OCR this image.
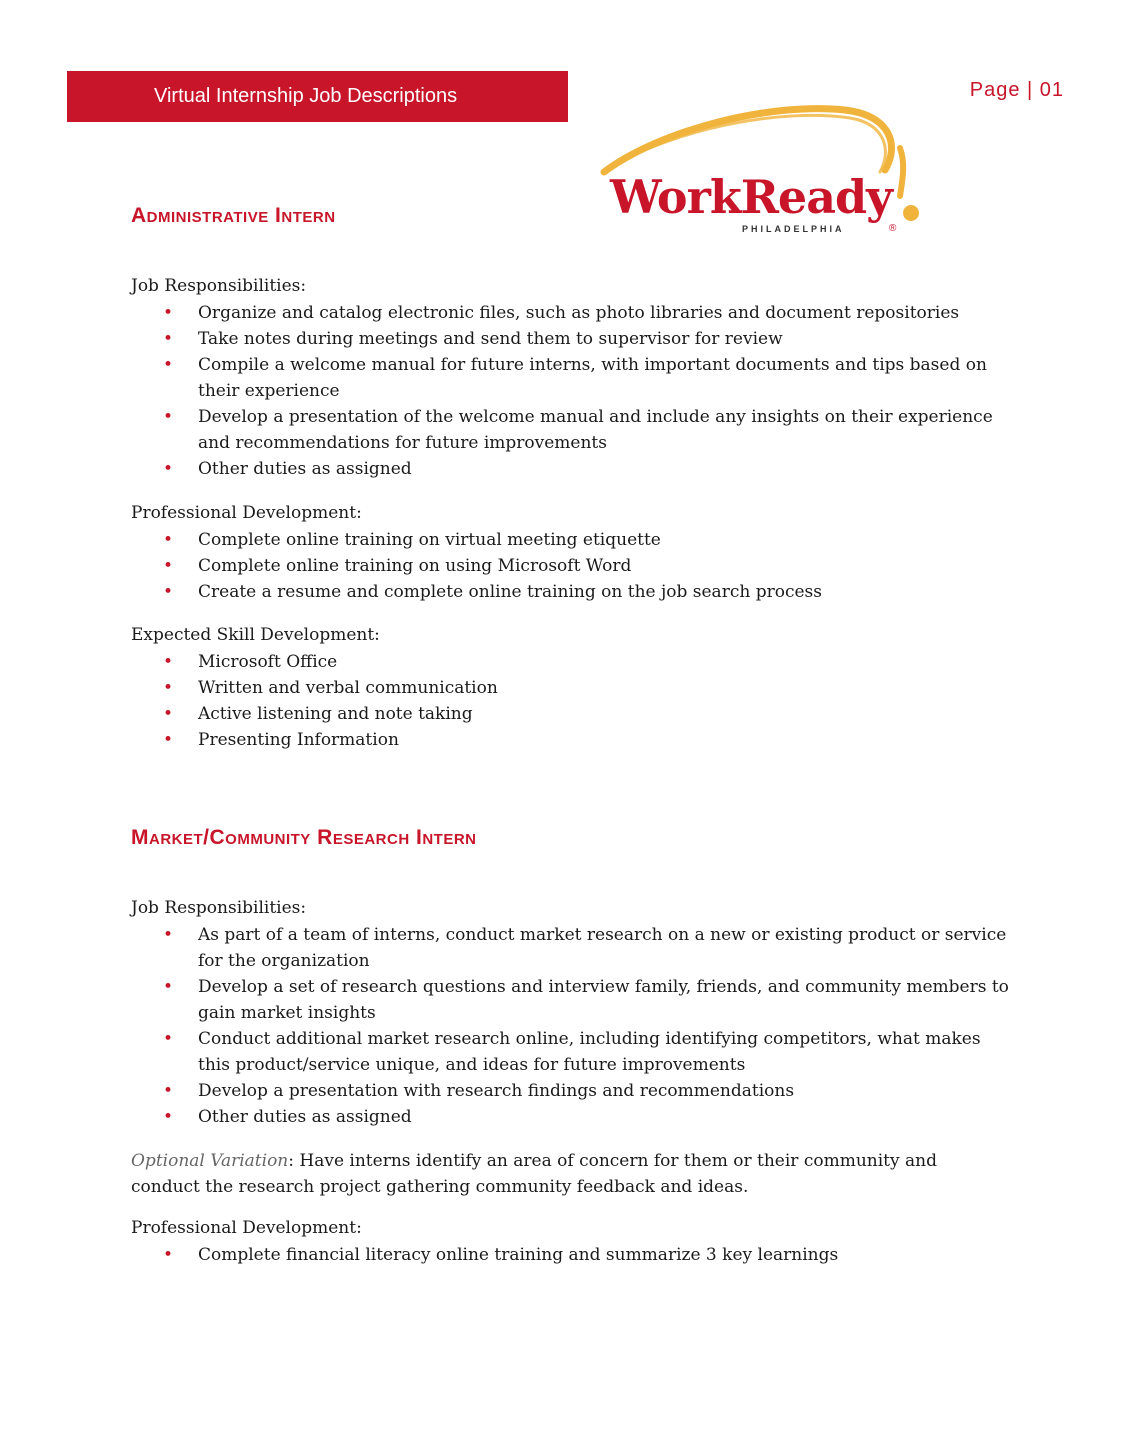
Virtual Internship Job Descriptions	Page | 01
WorkReady
PHILADELPHIA	®
Administrative Intern
Job Responsibilities:
• Organize and catalog electronic files, such as photo libraries and document repositories
• Take notes during meetings and send them to supervisor for review
• Compile a welcome manual for future interns, with important documents and tips based on their experience
• Develop a presentation of the welcome manual and include any insights on their experience and recommendations for future improvements
• Other duties as assigned
Professional Development:
• Complete online training on virtual meeting etiquette
• Complete online training on using Microsoft Word
• Create a resume and complete online training on the job search process
Expected Skill Development:
• Microsoft Office
• Written and verbal communication
• Active listening and note taking
• Presenting Information
Market/Community Research Intern
Job Responsibilities:
• As part of a team of interns, conduct market research on a new or existing product or service for the organization
• Develop a set of research questions and interview family, friends, and community members to gain market insights
• Conduct additional market research online, including identifying competitors, what makes this product/service unique, and ideas for future improvements
• Develop a presentation with research findings and recommendations
• Other duties as assigned
Optional Variation: Have interns identify an area of concern for them or their community and conduct the research project gathering community feedback and ideas.
Professional Development:
• Complete financial literacy online training and summarize 3 key learnings
